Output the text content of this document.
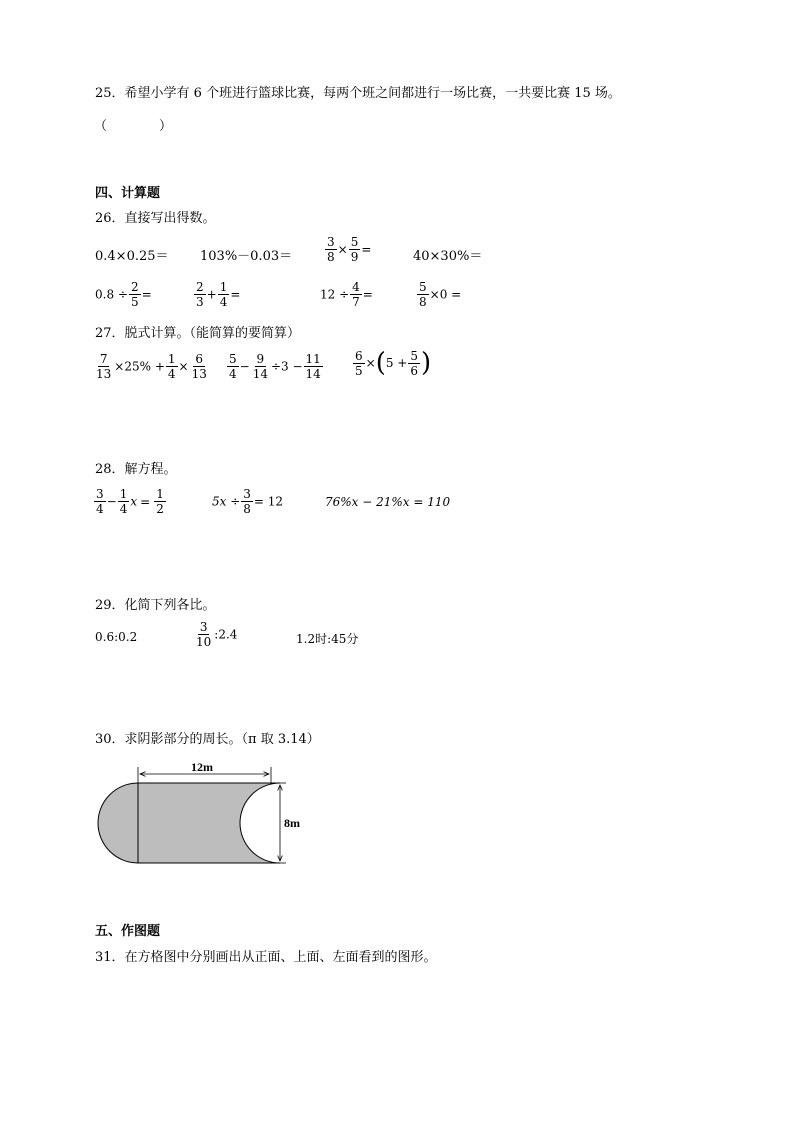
25．希望小学有 6 个班进行篮球比赛，每两个班之间都进行一场比赛，一共要比赛 15 场。
（　　　　）
四、计算题
26．直接写出得数。
0.4×0.25＝ 103%－0.03＝	$\frac{3}{8} \times \frac{5}{9}$ =	40×30%＝
$0.8 \div \frac{2}{5}$ =	$\frac{2}{3} + \frac{1}{4}$ =	$12 \div \frac{4}{7}$ =	$\frac{5}{8} \times 0$ =
27．脱式计算。（能简算的要简算）
$\frac{7}{13} \times 25\% + \frac{1}{4} \times \frac{6}{13} \frac{5}{4} - \frac{9}{14} \div 3 - \frac{11}{14}$	$\frac{6}{5} \times(5 + \frac{5}{6}$ )
28．解方程。
$\frac{3}{4} - \frac{1}{4}$ $x = \frac{1}{2}$	$5x \div \frac{3}{8} = 12$	76%x − 21%x = 110
29．化简下列各比。
0.6:0.2	$\frac{3}{10}$ :2.4	1.2时:45分
30．求阴影部分的周长。（π 取 3.14）
12m
8m
五、作图题
31．在方格图中分别画出从正面、上面、左面看到的图形。
